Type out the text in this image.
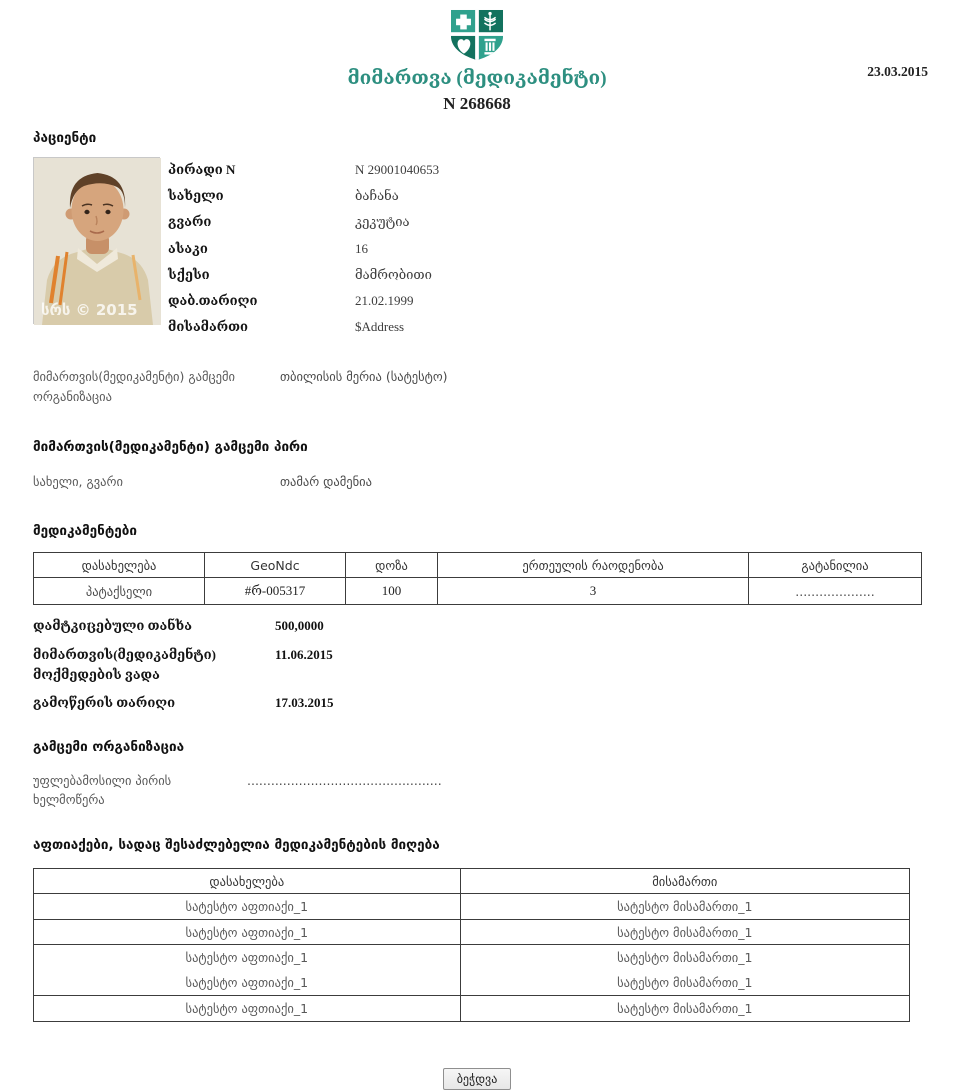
მიმართვა (მედიკამენტი)
N 268668
23.03.2015
პაციენტი
სრს © 2015
პირადი N	N 29001040653
სახელი	ბაჩანა
გვარი	კეკუტია
ასაკი	16
სქესი	მამრობითი
დაბ.თარიღი	21.02.1999
მისამართი	$Address
მიმართვის(მედიკამენტი) გამცემი ორგანიზაცია
თბილისის მერია (სატესტო)
მიმართვის(მედიკამენტი) გამცემი პირი
სახელი, გვარი	თამარ დამენია
მედიკამენტები
დასახელება	GeoNdc	დოზა	ერთეულის რაოდენობა	გატანილია
პატაქსელი	#რ-005317	100	3	....................
დამტკიცებული თანხა	500,0000
მიმართვის(მედიკამენტი) მოქმედების ვადა
11.06.2015
გამოწერის თარიღი	17.03.2015
გამცემი ორგანიზაცია
უფლებამოსილი პირის ხელმოწერა
.................................................
აფთიაქები, სადაც შესაძლებელია მედიკამენტების მიღება
დასახელება	მისამართი
სატესტო აფთიაქი_1	სატესტო მისამართი_1
სატესტო აფთიაქი_1	სატესტო მისამართი_1
სატესტო აფთიაქი_1	სატესტო მისამართი_1
სატესტო აფთიაქი_1	სატესტო მისამართი_1
სატესტო აფთიაქი_1	სატესტო მისამართი_1
ბეჭდვა
